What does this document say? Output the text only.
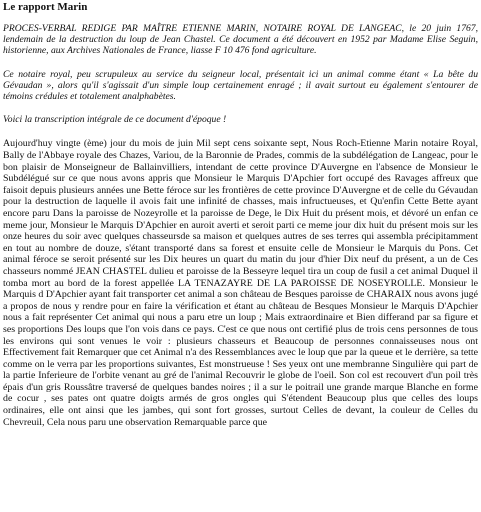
Le rapport Marin

PROCES-VERBAL REDIGE PAR MAÎTRE ETIENNE MARIN, NOTAIRE ROYAL DE LANGEAC, le 20 juin 1767, lendemain de la destruction du loup de Jean Chastel. Ce document a été découvert en 1952 par Madame Elise Seguin, historienne, aux Archives Nationales de France, liasse F 10 476 fond agriculture.

Ce notaire royal, peu scrupuleux au service du seigneur local, présentait ici un animal comme étant « La bête du Gévaudan », alors qu'il s'agissait d'un simple loup certainement enragé ; il avait surtout eu également s'entourer de témoins crédules et totalement analphabètes.

Voici la transcription intégrale de ce document d'époque !

Aujourd'huy vingte (ème) jour du mois de juin Mil sept cens soixante sept, Nous Roch-Etienne Marin notaire Royal, Bally de l'Abbaye royale des Chazes, Variou, de la Baronnie de Prades, commis de la subdélégation de Langeac, pour le bon plaisir de Monseigneur de Ballainvilliers, intendant de cette province D'Auvergne en l'absence de Monsieur le Subdélégué sur ce que nous avons appris que Monsieur le Marquis D'Apchier fort occupé des Ravages affreux que faisoit depuis plusieurs années une Bette féroce sur les frontières de cette province D'Auvergne et de celle du Gévaudan pour la destruction de laquelle il avois fait une infinité de chasses, mais infructueuses, et Qu'enfin Cette Bette ayant encore paru Dans la paroisse de Nozeyrolle et la paroisse de Dege, le Dix Huit du présent mois, et dévoré un enfan ce meme jour, Monsieur le Marquis D'Apchier en auroit averti et seroit parti ce meme jour dix huit du présent mois sur les onze heures du soir avec quelques chasseursde sa maison et quelques autres de ses terres qui assembla précipitamment en tout au nombre de douze, s'étant transporté dans sa forest et ensuite celle de Monsieur le Marquis du Pons. Cet animal féroce se seroit présenté sur les Dix heures un quart du matin du jour d'hier Dix neuf du présent, a un de Ces chasseurs nommé JEAN CHASTEL dulieu et paroisse de la Besseyre lequel tira un coup de fusil a cet animal Duquel il tomba mort au bord de la forest appellée LA TENAZAYRE DE LA PAROISSE DE NOSEYROLLE. Monsieur le Marquis d D'Apchier ayant fait transporter cet animal a son château de Besques paroisse de CHARAIX nous avons jugé a propos de nous y rendre pour en faire la vérification et étant au château de Besques Monsieur le Marquis D'Apchier nous a fait représenter Cet animal qui nous a paru etre un loup ; Mais extraordinaire et Bien differand par sa figure et ses proportions Des loups que l'on vois dans ce pays. C'est ce que nous ont certifié plus de trois cens personnes de tous les environs qui sont venues le voir : plusieurs chasseurs et Beaucoup de personnes connaisseuses nous ont Effectivement fait Remarquer que cet Animal n'a des Ressemblances avec le loup que par la queue et le derrière, sa tette comme on le verra par les proportions suivantes, Est monstrueuse ! Ses yeux ont une membranne Singulière qui part de la partie Inferieure de l'orbite venant au gré de l'animal Recouvrir le globe de l'oeil. Son col est recouvert d'un poil très épais d'un gris Roussâtre traversé de quelques bandes noires ; il a sur le poitrail une grande marque Blanche en forme de cocur , ses pates ont quatre doigts armés de gros ongles qui S'étendent Beaucoup plus que celles des loups ordinaires, elle ont ainsi que les jambes, qui sont fort grosses, surtout Celles de devant, la couleur de Celles du Chevreuil, Cela nous paru une observation Remarquable parce que
